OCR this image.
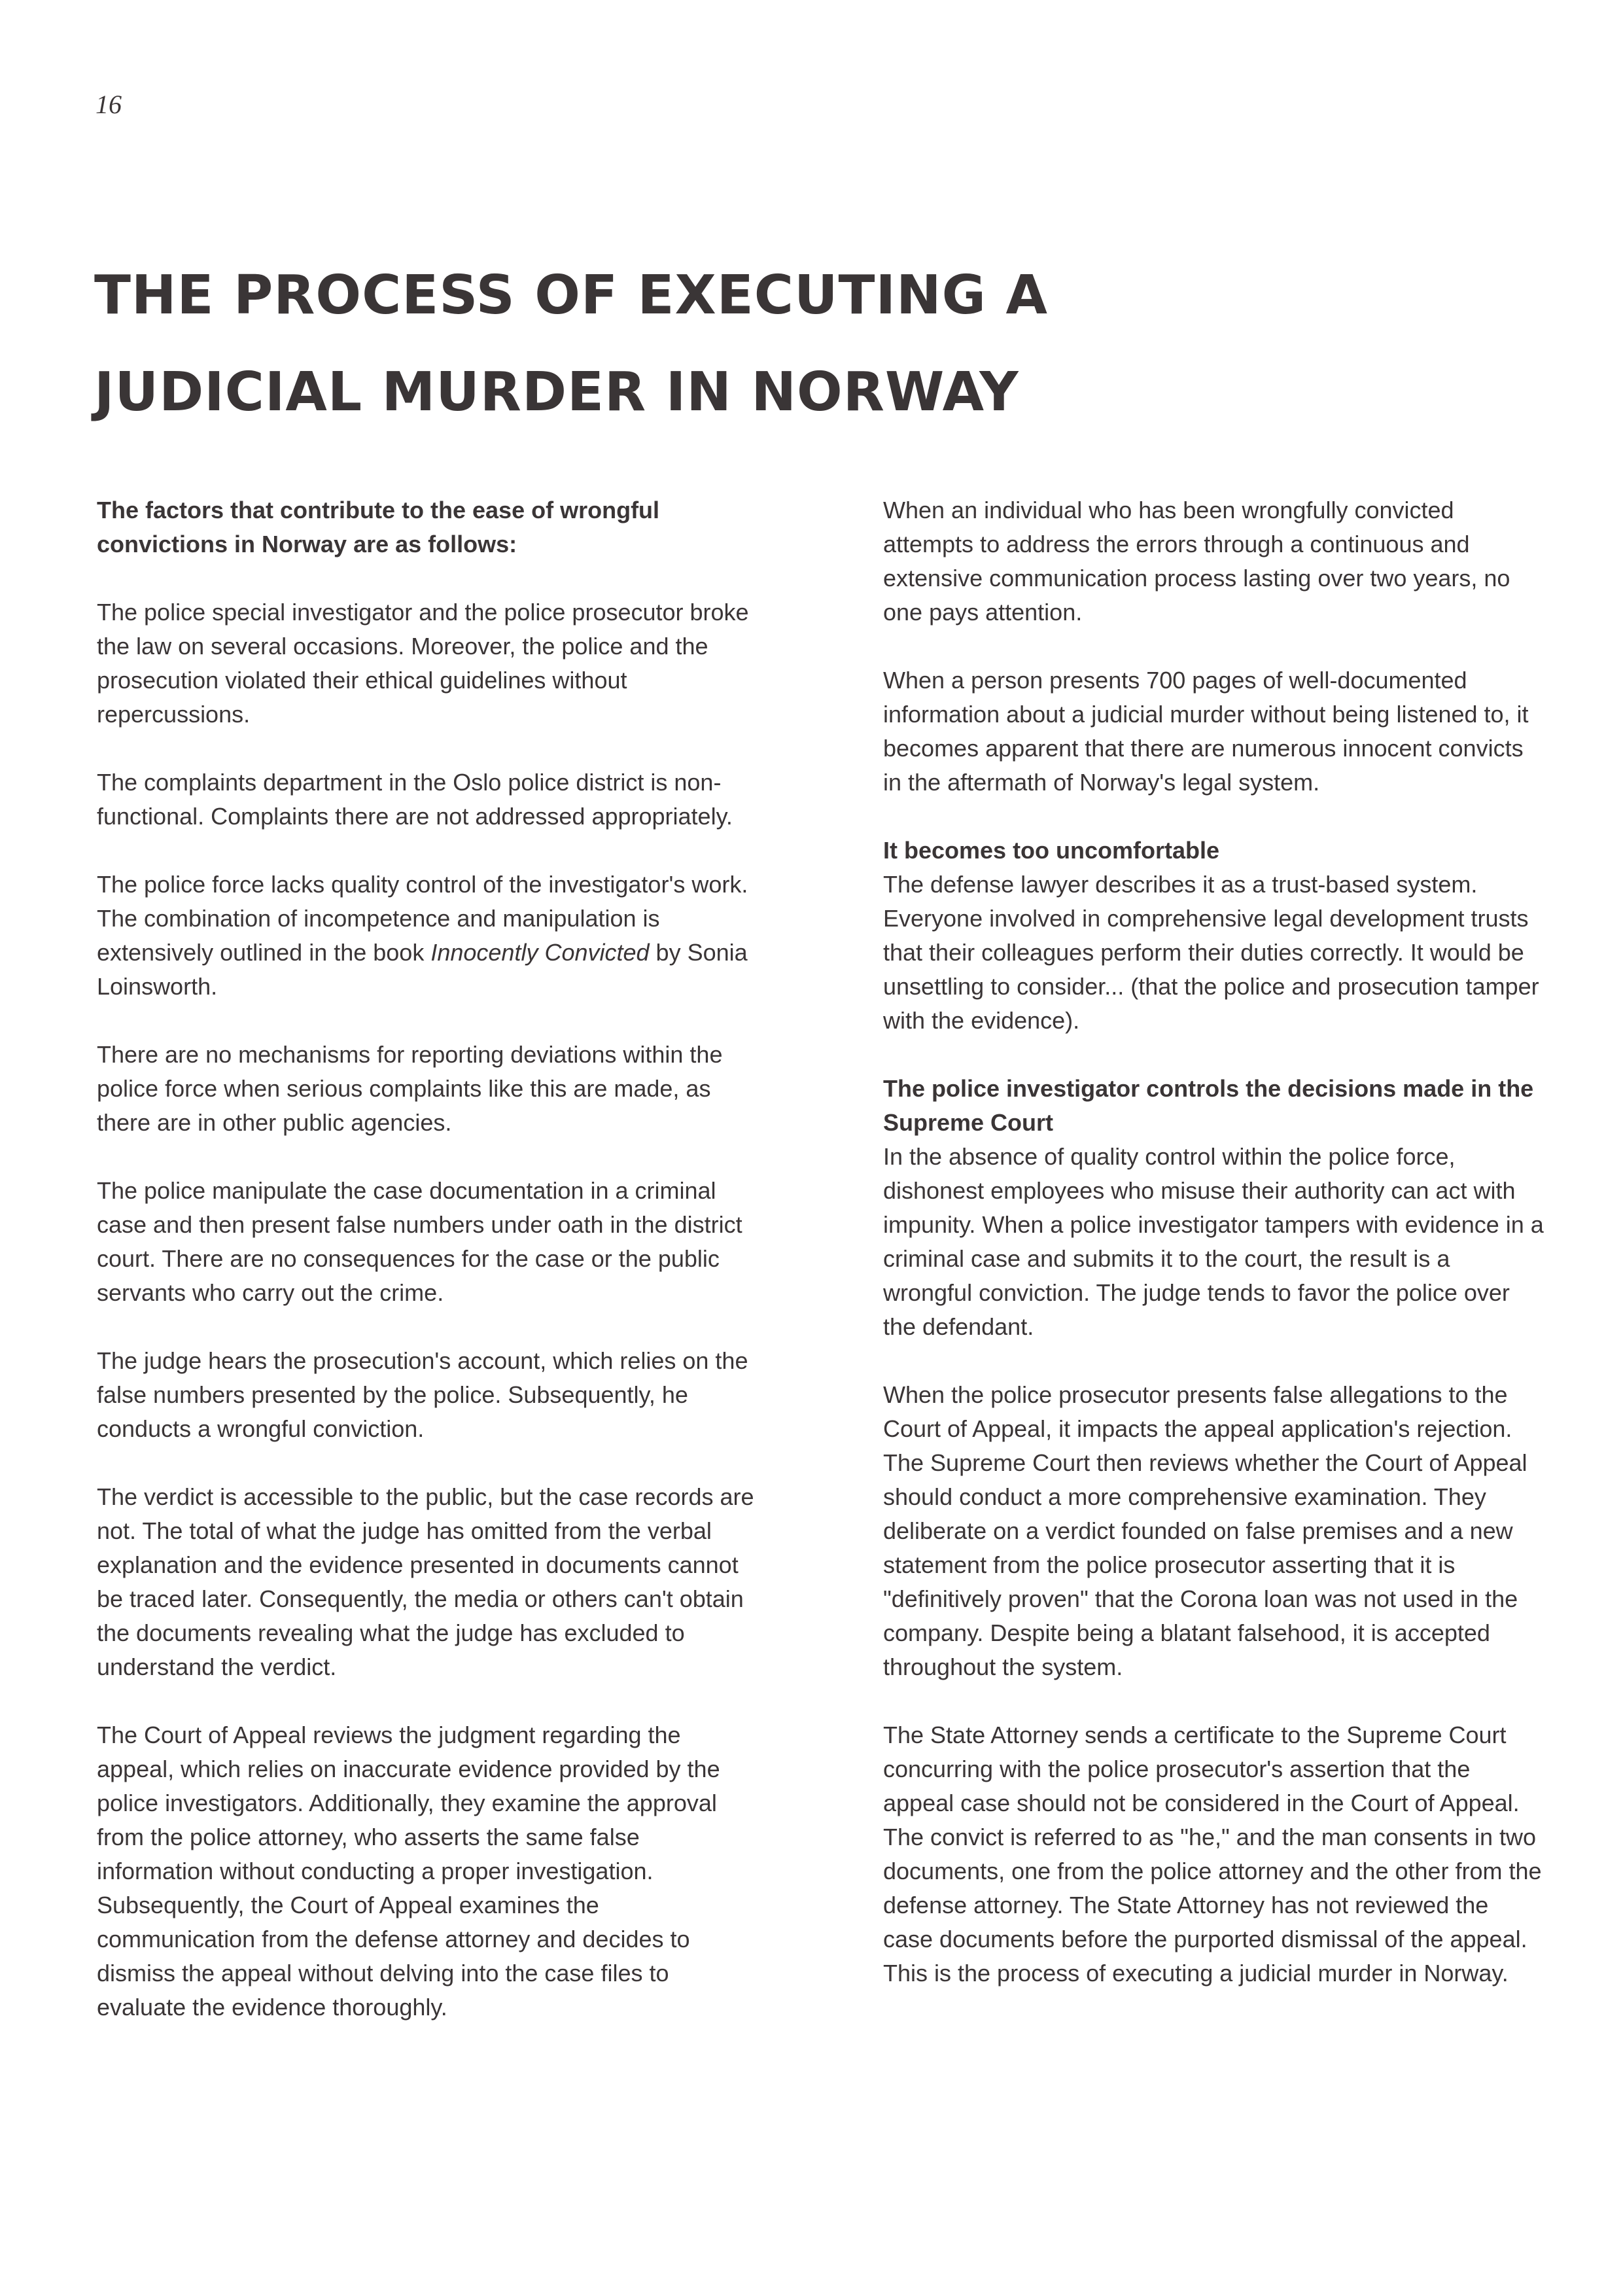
16
THE PROCESS OF EXECUTING A
JUDICIAL MURDER IN NORWAY

The factors that contribute to the ease of wrongful convictions in Norway are as follows:

The police special investigator and the police prosecutor broke the law on several occasions. Moreover, the police and the prosecution violated their ethical guidelines without repercussions.

The complaints department in the Oslo police district is non-functional. Complaints there are not addressed appropriately.

The police force lacks quality control of the investigator's work. The combination of incompetence and manipulation is extensively outlined in the book Innocently Convicted by Sonia Loinsworth.

There are no mechanisms for reporting deviations within the police force when serious complaints like this are made, as there are in other public agencies.

The police manipulate the case documentation in a criminal case and then present false numbers under oath in the district court. There are no consequences for the case or the public servants who carry out the crime.

The judge hears the prosecution's account, which relies on the false numbers presented by the police. Subsequently, he conducts a wrongful conviction.

The verdict is accessible to the public, but the case records are not. The total of what the judge has omitted from the verbal explanation and the evidence presented in documents cannot be traced later. Consequently, the media or others can't obtain the documents revealing what the judge has excluded to understand the verdict.

The Court of Appeal reviews the judgment regarding the appeal, which relies on inaccurate evidence provided by the police investigators. Additionally, they examine the approval from the police attorney, who asserts the same false information without conducting a proper investigation. Subsequently, the Court of Appeal examines the communication from the defense attorney and decides to dismiss the appeal without delving into the case files to evaluate the evidence thoroughly.

When an individual who has been wrongfully convicted attempts to address the errors through a continuous and extensive communication process lasting over two years, no one pays attention.

When a person presents 700 pages of well-documented information about a judicial murder without being listened to, it becomes apparent that there are numerous innocent convicts in the aftermath of Norway's legal system.

It becomes too uncomfortable
The defense lawyer describes it as a trust-based system. Everyone involved in comprehensive legal development trusts that their colleagues perform their duties correctly. It would be unsettling to consider... (that the police and prosecution tamper with the evidence).

The police investigator controls the decisions made in the Supreme Court
In the absence of quality control within the police force, dishonest employees who misuse their authority can act with impunity. When a police investigator tampers with evidence in a criminal case and submits it to the court, the result is a wrongful conviction. The judge tends to favor the police over the defendant.

When the police prosecutor presents false allegations to the Court of Appeal, it impacts the appeal application's rejection. The Supreme Court then reviews whether the Court of Appeal should conduct a more comprehensive examination. They deliberate on a verdict founded on false premises and a new statement from the police prosecutor asserting that it is "definitively proven" that the Corona loan was not used in the company. Despite being a blatant falsehood, it is accepted throughout the system.

The State Attorney sends a certificate to the Supreme Court concurring with the police prosecutor's assertion that the appeal case should not be considered in the Court of Appeal. The convict is referred to as "he," and the man consents in two documents, one from the police attorney and the other from the defense attorney. The State Attorney has not reviewed the case documents before the purported dismissal of the appeal. This is the process of executing a judicial murder in Norway.
